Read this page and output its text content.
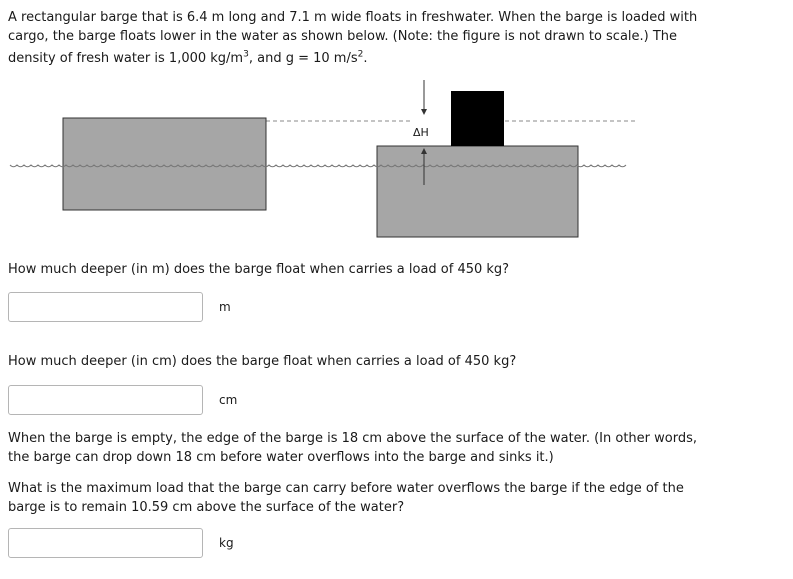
A rectangular barge that is 6.4 m long and 7.1 m wide floats in freshwater. When the barge is loaded with
cargo, the barge floats lower in the water as shown below. (Note: the figure is not drawn to scale.) The
density of fresh water is 1,000 $kg/m^3$, and g = 10 $m/s^2$.

ΔH

How much deeper (in m) does the barge float when carries a load of 450 kg?

m

How much deeper (in cm) does the barge float when carries a load of 450 kg?

cm

When the barge is empty, the edge of the barge is 18 cm above the surface of the water. (In other words,
the barge can drop down 18 cm before water overflows into the barge and sinks it.)

What is the maximum load that the barge can carry before water overflows the barge if the edge of the
barge is to remain 10.59 cm above the surface of the water?

kg
